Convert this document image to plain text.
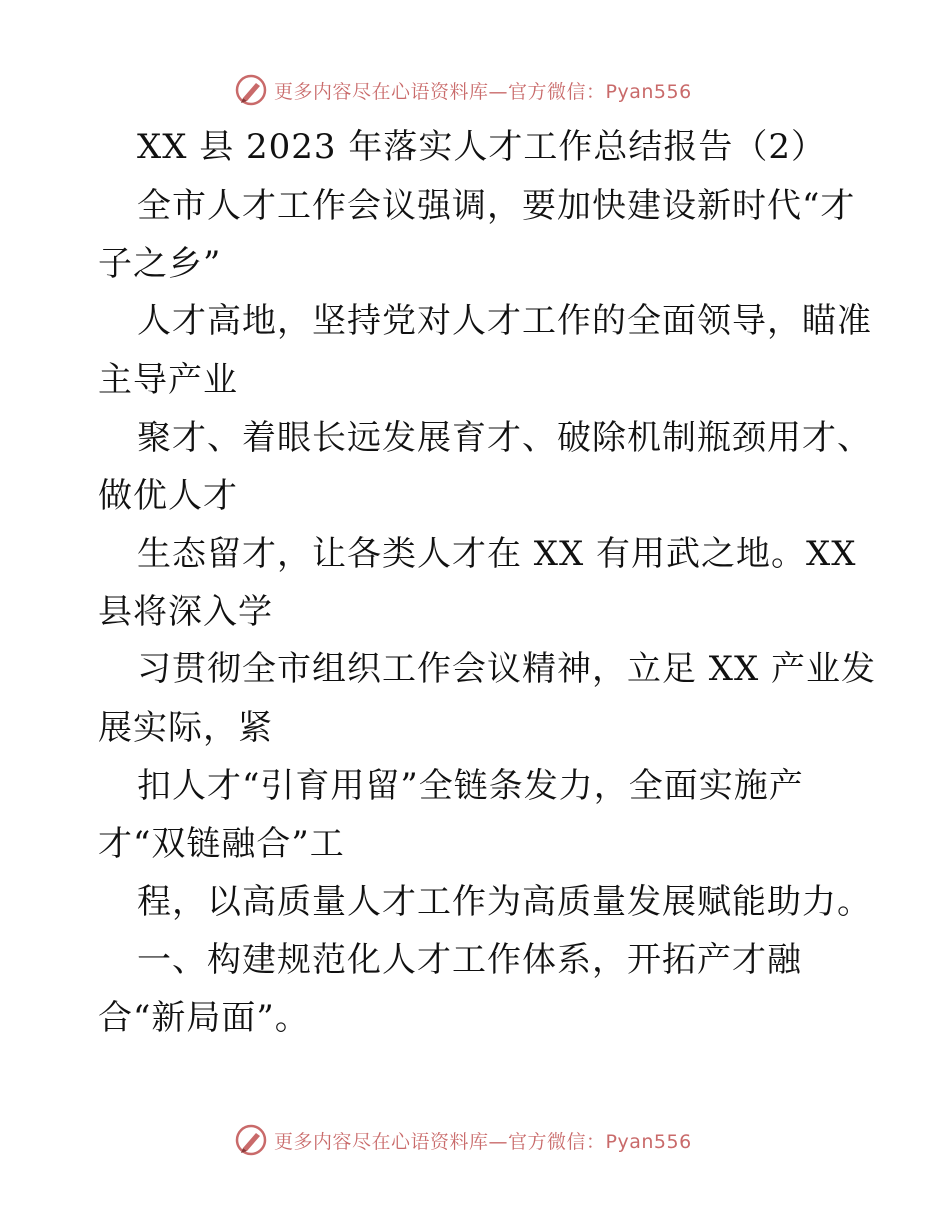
更多内容尽在心语资料库—官方微信：Pyan556
XX 县 2023 年落实人才工作总结报告（2）
全市人才工作会议强调，要加快建设新时代“才
子之乡”
人才高地，坚持党对人才工作的全面领导，瞄准
主导产业
聚才、着眼长远发展育才、破除机制瓶颈用才、
做优人才
生态留才，让各类人才在 XX 有用武之地。XX
县将深入学
习贯彻全市组织工作会议精神，立足 XX 产业发
展实际，紧
扣人才“引育用留”全链条发力，全面实施产
才“双链融合”工
程，以高质量人才工作为高质量发展赋能助力。
一、构建规范化人才工作体系，开拓产才融
合“新局面”。
更多内容尽在心语资料库—官方微信：Pyan556
